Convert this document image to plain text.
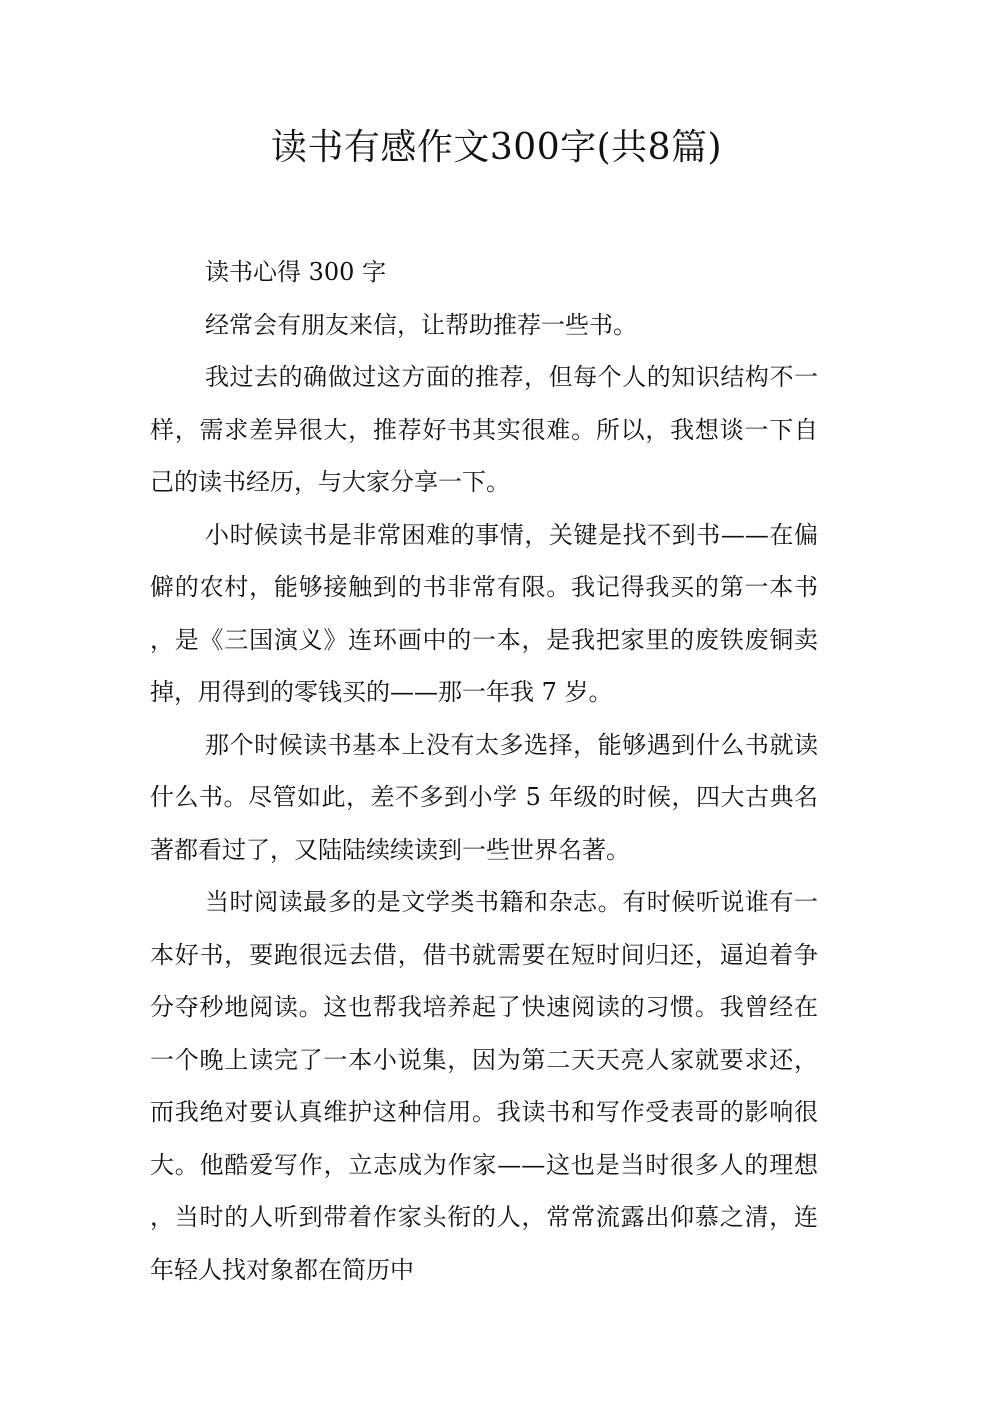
读书有感作文300字(共8篇)

读书心得 300 字

经常会有朋友来信，让帮助推荐一些书。

我过去的确做过这方面的推荐，但每个人的知识结构不一样，需求差异很大，推荐好书其实很难。所以，我想谈一下自己的读书经历，与大家分享一下。

小时候读书是非常困难的事情，关键是找不到书——在偏僻的农村，能够接触到的书非常有限。我记得我买的第一本书，是《三国演义》连环画中的一本，是我把家里的废铁废铜卖掉，用得到的零钱买的——那一年我 7 岁。

那个时候读书基本上没有太多选择，能够遇到什么书就读什么书。尽管如此，差不多到小学 5 年级的时候，四大古典名著都看过了，又陆陆续续读到一些世界名著。

当时阅读最多的是文学类书籍和杂志。有时候听说谁有一本好书，要跑很远去借，借书就需要在短时间归还，逼迫着争分夺秒地阅读。这也帮我培养起了快速阅读的习惯。我曾经在一个晚上读完了一本小说集，因为第二天天亮人家就要求还，而我绝对要认真维护这种信用。我读书和写作受表哥的影响很大。他酷爱写作，立志成为作家——这也是当时很多人的理想，当时的人听到带着作家头衔的人，常常流露出仰慕之清，连年轻人找对象都在简历中
